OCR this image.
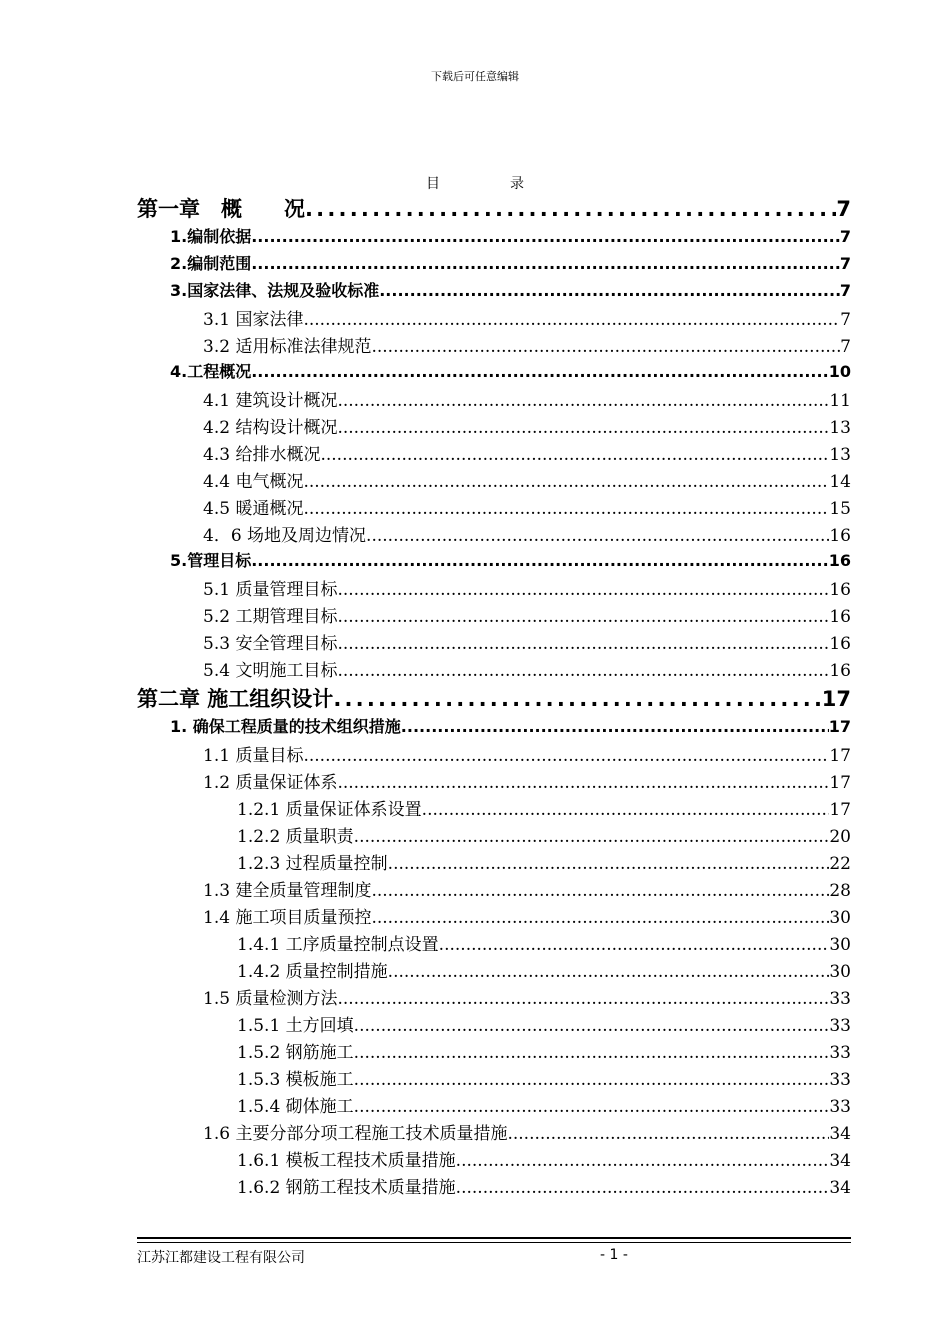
下载后可任意编辑
目　录
第一章　概　　况 .....	7
1.编制依据 .....	7
2.编制范围 .....	7
3.国家法律、法规及验收标准 .....	7
3.1 国家法律 .....	7
3.2 适用标准法律规范 .....	7
4.工程概况 .....	10
4.1 建筑设计概况 .....	11
4.2 结构设计概况 .....	13
4.3 给排水概况 .....	13
4.4 电气概况 .....	14
4.5 暖通概况 .....	15
4．6 场地及周边情况 .....	16
5.管理目标 .....	16
5.1 质量管理目标 .....	16
5.2 工期管理目标 .....	16
5.3 安全管理目标 .....	16
5.4 文明施工目标 .....	16
第二章 施工组织设计 .....	17
1. 确保工程质量的技术组织措施 .....	17
1.1 质量目标 .....	17
1.2 质量保证体系 .....	17
1.2.1 质量保证体系设置 .....	17
1.2.2 质量职责 .....	20
1.2.3 过程质量控制 .....	22
1.3 建全质量管理制度 .....	28
1.4 施工项目质量预控 .....	30
1.4.1 工序质量控制点设置 .....	30
1.4.2 质量控制措施 .....	30
1.5 质量检测方法 .....	33
1.5.1 土方回填 .....	33
1.5.2 钢筋施工 .....	33
1.5.3 模板施工 .....	33
1.5.4 砌体施工 .....	33
1.6 主要分部分项工程施工技术质量措施 .....	34
1.6.1 模板工程技术质量措施 .....	34
1.6.2 钢筋工程技术质量措施 .....	34
江苏江都建设工程有限公司	- 1 -
